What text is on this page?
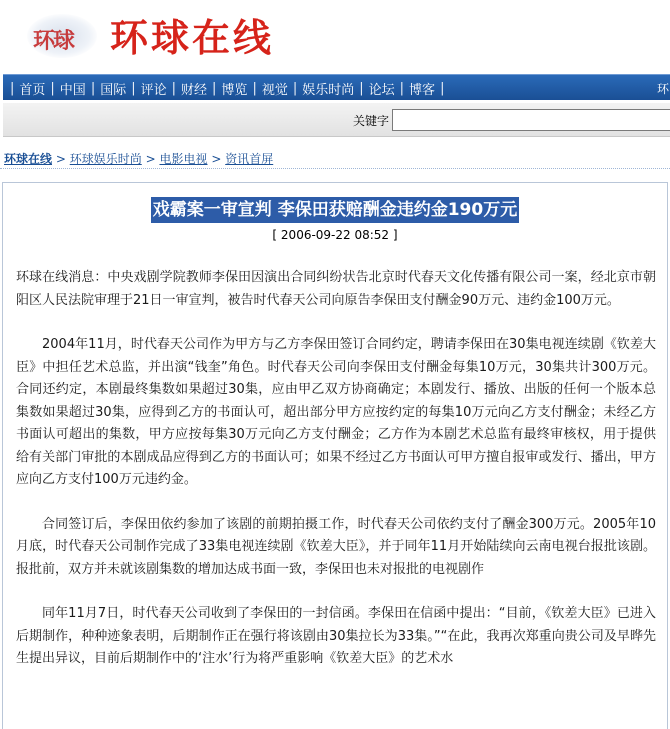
环球 环球在线
| 首页 | 中国 | 国际 | 评论 | 财经 | 博览 | 视觉 | 娱乐时尚 | 论坛 | 博客 |	环
关键字
环球在线 > 环球娱乐时尚 > 电影电视 > 资讯首屏
戏霸案一审宣判 李保田获赔酬金违约金190万元
[ 2006-09-22 08:52 ]

环球在线消息：中央戏剧学院教师李保田因演出合同纠纷状告北京时代春天文化传播有限公司一案，经北京市朝阳区人民法院审理于21日一审宣判，被告时代春天公司向原告李保田支付酬金90万元、违约金100万元。

2004年11月，时代春天公司作为甲方与乙方李保田签订合同约定，聘请李保田在30集电视连续剧《钦差大臣》中担任艺术总监，并出演“钱奎”角色。时代春天公司向李保田支付酬金每集10万元，30集共计300万元。合同还约定，本剧最终集数如果超过30集，应由甲乙双方协商确定；本剧发行、播放、出版的任何一个版本总集数如果超过30集，应得到乙方的书面认可，超出部分甲方应按约定的每集10万元向乙方支付酬金；未经乙方书面认可超出的集数，甲方应按每集30万元向乙方支付酬金；乙方作为本剧艺术总监有最终审核权，用于提供给有关部门审批的本剧成品应得到乙方的书面认可；如果不经过乙方书面认可甲方擅自报审或发行、播出，甲方应向乙方支付100万元违约金。

合同签订后，李保田依约参加了该剧的前期拍摄工作，时代春天公司依约支付了酬金300万元。2005年10月底，时代春天公司制作完成了33集电视连续剧《钦差大臣》，并于同年11月开始陆续向云南电视台报批该剧。报批前，双方并未就该剧集数的增加达成书面一致，李保田也未对报批的电视剧作

同年11月7日，时代春天公司收到了李保田的一封信函。李保田在信函中提出：“目前，《钦差大臣》已进入后期制作，种种迹象表明，后期制作正在强行将该剧由30集拉长为33集。”“在此，我再次郑重向贵公司及早晔先生提出异议，目前后期制作中的‘注水’行为将严重影响《钦差大臣》的艺术水
